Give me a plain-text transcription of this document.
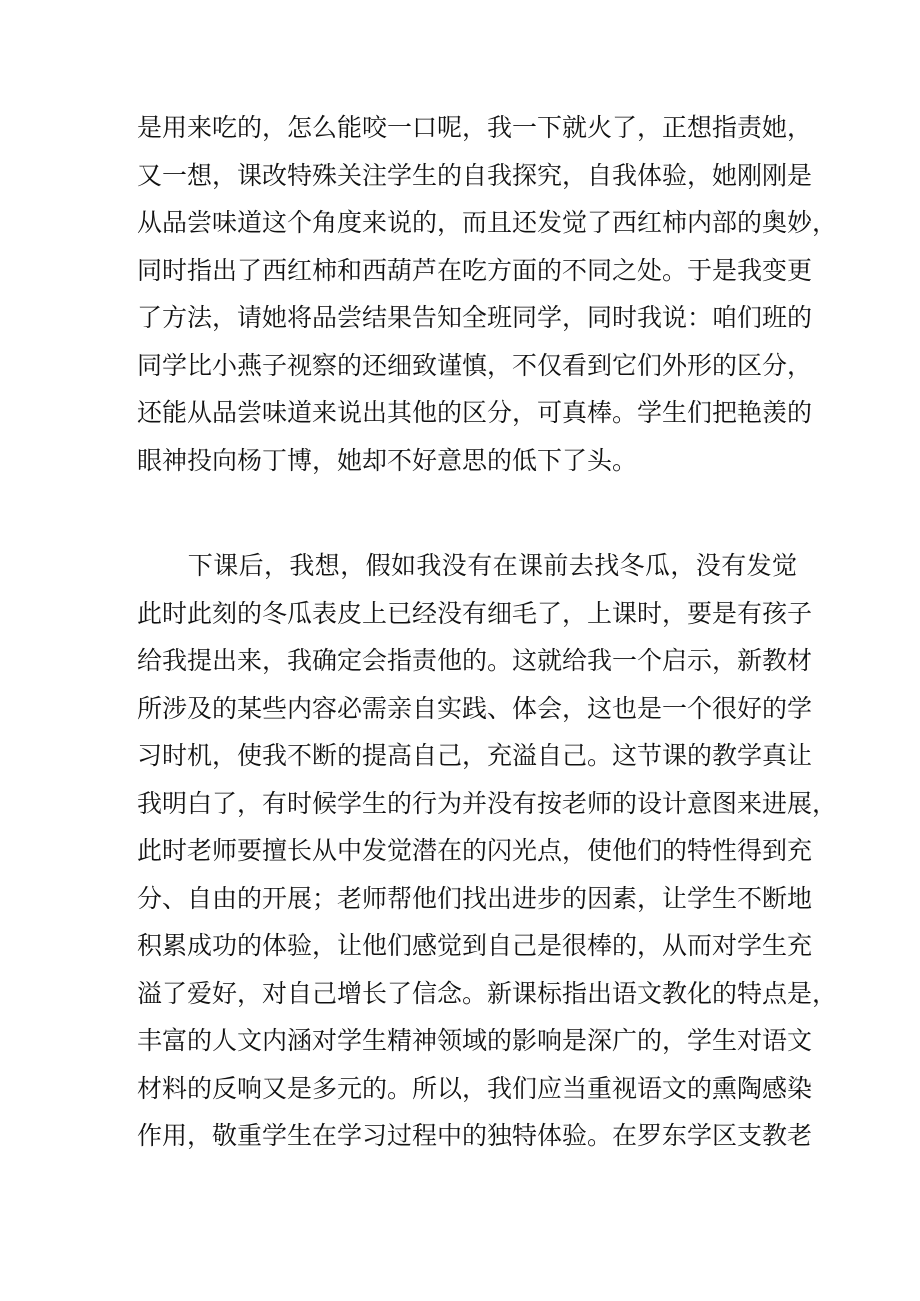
是用来吃的，怎么能咬一口呢，我一下就火了，正想指责她，
又一想，课改特殊关注学生的自我探究，自我体验，她刚刚是
从品尝味道这个角度来说的，而且还发觉了西红柿内部的奥妙，
同时指出了西红柿和西葫芦在吃方面的不同之处。于是我变更
了方法，请她将品尝结果告知全班同学，同时我说：咱们班的
同学比小燕子视察的还细致谨慎，不仅看到它们外形的区分，
还能从品尝味道来说出其他的区分，可真棒。学生们把艳羡的
眼神投向杨丁博，她却不好意思的低下了头。
　　下课后，我想，假如我没有在课前去找冬瓜，没有发觉
此时此刻的冬瓜表皮上已经没有细毛了，上课时，要是有孩子
给我提出来，我确定会指责他的。这就给我一个启示，新教材
所涉及的某些内容必需亲自实践、体会，这也是一个很好的学
习时机，使我不断的提高自己，充溢自己。这节课的教学真让
我明白了，有时候学生的行为并没有按老师的设计意图来进展，
此时老师要擅长从中发觉潜在的闪光点，使他们的特性得到充
分、自由的开展；老师帮他们找出进步的因素，让学生不断地
积累成功的体验，让他们感觉到自己是很棒的，从而对学生充
溢了爱好，对自己增长了信念。新课标指出语文教化的特点是，
丰富的人文内涵对学生精神领域的影响是深广的，学生对语文
材料的反响又是多元的。所以，我们应当重视语文的熏陶感染
作用，敬重学生在学习过程中的独特体验。在罗东学区支教老
